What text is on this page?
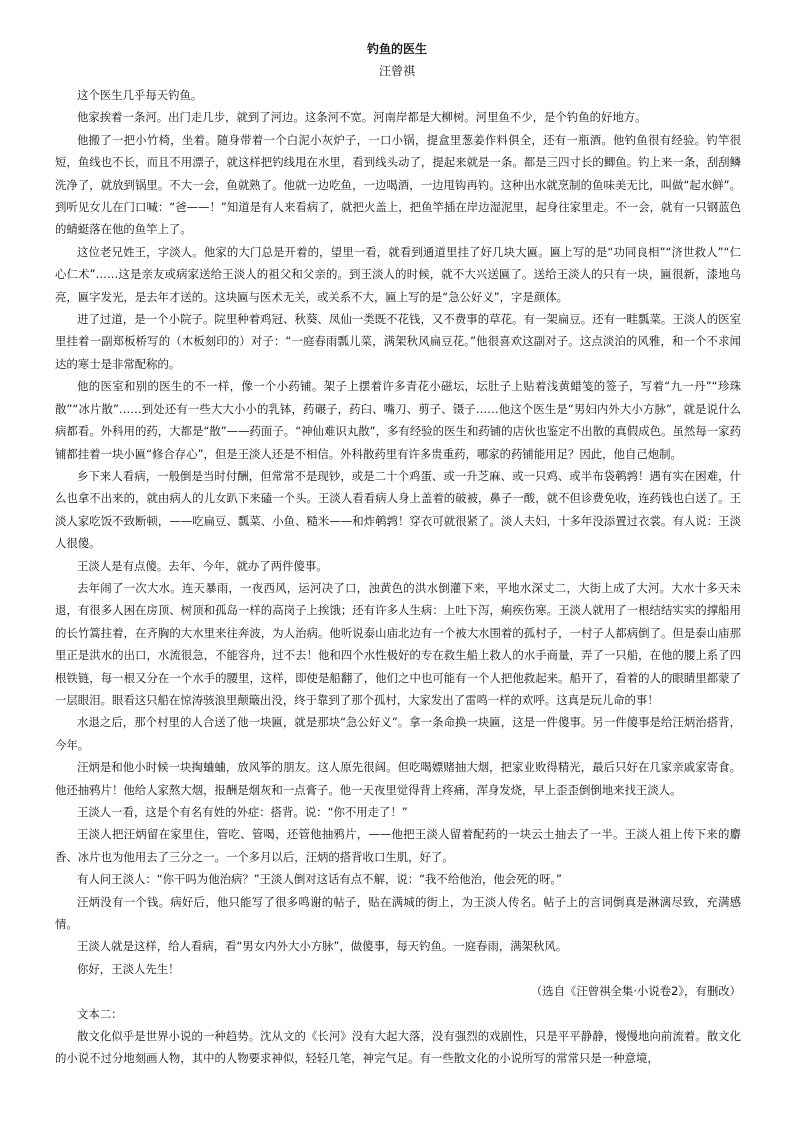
钓鱼的医生
汪曾祺

这个医生几乎每天钓鱼。

他家挨着一条河。出门走几步，就到了河边。这条河不宽。河南岸都是大柳树。河里鱼不少，是个钓鱼的好地方。

他搬了一把小竹椅，坐着。随身带着一个白泥小灰炉子，一口小锅，提盒里葱姜作料俱全，还有一瓶酒。他钓鱼很有经验。钓竿很短，鱼线也不长，而且不用漂子，就这样把钓线甩在水里，看到线头动了，提起来就是一条。都是三四寸长的鲫鱼。钓上来一条，刮刮鳞洗净了，就放到锅里。不大一会，鱼就熟了。他就一边吃鱼，一边喝酒，一边甩钩再钓。这种出水就烹制的鱼味美无比，叫做“起水鲜”。到听见女儿在门口喊：“爸——！”知道是有人来看病了，就把火盖上，把鱼竿插在岸边湿泥里，起身往家里走。不一会，就有一只钢蓝色的蜻蜓落在他的鱼竿上了。

这位老兄姓王，字淡人。他家的大门总是开着的，望里一看，就看到通道里挂了好几块大匾。匾上写的是“功同良相”“济世救人”“仁心仁术”……这是亲友或病家送给王淡人的祖父和父亲的。到王淡人的时候，就不大兴送匾了。送给王淡人的只有一块，匾很新，漆地乌亮，匾字发光，是去年才送的。这块匾与医术无关，或关系不大，匾上写的是“急公好义”，字是颜体。

进了过道，是一个小院子。院里种着鸡冠、秋葵、凤仙一类既不花钱，又不费事的草花。有一架扁豆。还有一畦瓢菜。王淡人的医室里挂着一副郑板桥写的（木板刻印的）对子：“一庭春雨瓢儿菜，满架秋风扁豆花。”他很喜欢这副对子。这点淡泊的风雅，和一个不求闻达的寒士是非常配称的。

他的医室和别的医生的不一样，像一个小药铺。架子上摆着许多青花小磁坛，坛肚子上贴着浅黄蜡笺的签子，写着“九一丹”“珍珠散”“冰片散”……到处还有一些大大小小的乳钵，药碾子，药臼、嘴刀、剪子、镊子……他这个医生是“男妇内外大小方脉”，就是说什么病都看。外科用的药，大都是“散”——药面子。“神仙难识丸散”，多有经验的医生和药铺的店伙也鉴定不出散的真假成色。虽然每一家药铺都挂着一块小匾“修合存心”，但是王淡人还是不相信。外科散药里有许多贵重药，哪家的药铺能用足？因此，他自己炮制。

乡下来人看病，一般倒是当时付酬，但常常不是现钞，或是二十个鸡蛋、或一升芝麻、或一只鸡、或半布袋鹌鹑！遇有实在困难，什么也拿不出来的，就由病人的儿女趴下来磕一个头。王淡人看看病人身上盖着的破被，鼻子一酸，就不但诊费免收，连药钱也白送了。王淡人家吃饭不致断顿，——吃扁豆、瓢菜、小鱼、糙米——和炸鹌鹑！穿衣可就很紧了。淡人夫妇，十多年没添置过衣裳。有人说：王淡人很傻。

王淡人是有点傻。去年、今年，就办了两件傻事。

去年闹了一次大水。连天暴雨，一夜西风，运河决了口，浊黄色的洪水倒灌下来，平地水深丈二，大街上成了大河。大水十多天未退，有很多人困在房顶、树顶和孤岛一样的高岗子上挨饿；还有许多人生病：上吐下泻，痢疾伤寒。王淡人就用了一根结结实实的撑船用的长竹篙拄着，在齐胸的大水里来往奔波，为人治病。他听说泰山庙北边有一个被大水围着的孤村子，一村子人都病倒了。但是泰山庙那里正是洪水的出口，水流很急，不能容舟，过不去！他和四个水性极好的专在救生船上救人的水手商量，弄了一只船，在他的腰上系了四根铁链，每一根又分在一个水手的腰里，这样，即使是船翻了，他们之中也可能有一个人把他救起来。船开了，看着的人的眼睛里都蒙了一层眼泪。眼看这只船在惊涛骇浪里颠簸出没，终于靠到了那个孤村，大家发出了雷鸣一样的欢呼。这真是玩儿命的事！

水退之后，那个村里的人合送了他一块匾，就是那块“急公好义”。拿一条命换一块匾，这是一件傻事。另一件傻事是给汪炳治搭背，今年。

汪炳是和他小时候一块掏蛐蛐，放风筝的朋友。这人原先很阔。但吃喝嫖赌抽大烟，把家业败得精光，最后只好在几家亲戚家寄食。他还抽鸦片！他给人家熬大烟，报酬是烟灰和一点膏子。他一天夜里觉得背上疼痛，浑身发烧，早上歪歪倒倒地来找王淡人。

王淡人一看，这是个有名有姓的外症：搭背。说：“你不用走了！”

王淡人把汪炳留在家里住，管吃、管喝，还管他抽鸦片，——他把王淡人留着配药的一块云土抽去了一半。王淡人祖上传下来的麝香、冰片也为他用去了三分之一。一个多月以后，汪炳的搭背收口生肌，好了。

有人问王淡人：“你干吗为他治病？”王淡人倒对这话有点不解，说：“我不给他治，他会死的呀。”

汪炳没有一个钱。病好后，他只能写了很多鸣谢的帖子，贴在满城的街上，为王淡人传名。帖子上的言词倒真是淋漓尽致，充满感情。

王淡人就是这样，给人看病，看“男女内外大小方脉”，做傻事，每天钓鱼。一庭春雨，满架秋风。

你好，王淡人先生！

（选自《汪曾祺全集·小说卷2》，有删改）

文本二：

散文化似乎是世界小说的一种趋势。沈从文的《长河》没有大起大落，没有强烈的戏剧性，只是平平静静，慢慢地向前流着。散文化的小说不过分地刻画人物，其中的人物要求神似，轻轻几笔，神完气足。有一些散文化的小说所写的常常只是一种意境，
